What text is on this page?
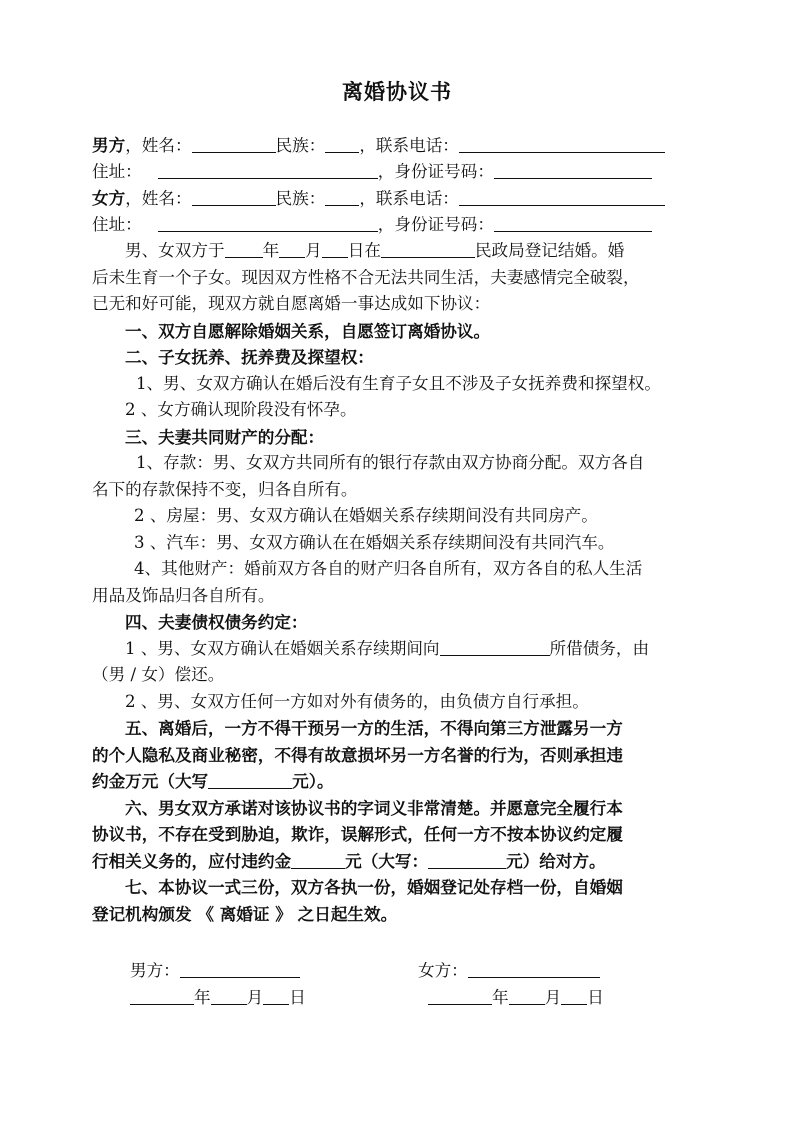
离婚协议书
男方，姓名：	民族： ，联系电话：
住址：	，身份证号码：
女方，姓名：	民族： ，联系电话：
住址：	，身份证号码：
男、女双方于 年 月 日在	民政局登记结婚。婚
后未生育一个子女。现因双方性格不合无法共同生活，夫妻感情完全破裂，
已无和好可能，现双方就自愿离婚一事达成如下协议：
一、双方自愿解除婚姻关系，自愿签订离婚协议。
二、子女抚养、抚养费及探望权：
1、男、女双方确认在婚后没有生育子女且不涉及子女抚养费和探望权。
2 、女方确认现阶段没有怀孕。
三、夫妻共同财产的分配：
1、存款：男、女双方共同所有的银行存款由双方协商分配。双方各自
名下的存款保持不变，归各自所有。
2 、房屋：男、女双方确认在婚姻关系存续期间没有共同房产。
3 、汽车：男、女双方确认在在婚姻关系存续期间没有共同汽车。
4、其他财产：婚前双方各自的财产归各自所有，双方各自的私人生活
用品及饰品归各自所有。
四、夫妻债权债务约定：
1 、男、女双方确认在婚姻关系存续期间向	所借债务，由
（男 / 女）偿还。
2 、男、女双方任何一方如对外有债务的，由负债方自行承担。
五、离婚后，一方不得干预另一方的生活，不得向第三方泄露另一方
的个人隐私及商业秘密，不得有故意损坏另一方名誉的行为，否则承担违
约金万元（大写	元）。
六、男女双方承诺对该协议书的字词义非常清楚。并愿意完全履行本
协议书，不存在受到胁迫，欺诈，误解形式，任何一方不按本协议约定履
行相关义务的，应付违约金	元（大写：	元）给对方。
七、本协议一式三份，双方各执一份，婚姻登记处存档一份，自婚姻
登记机构颁发 《 离婚证 》 之日起生效。
男方：	女方：
年 月 日	年 月 日
